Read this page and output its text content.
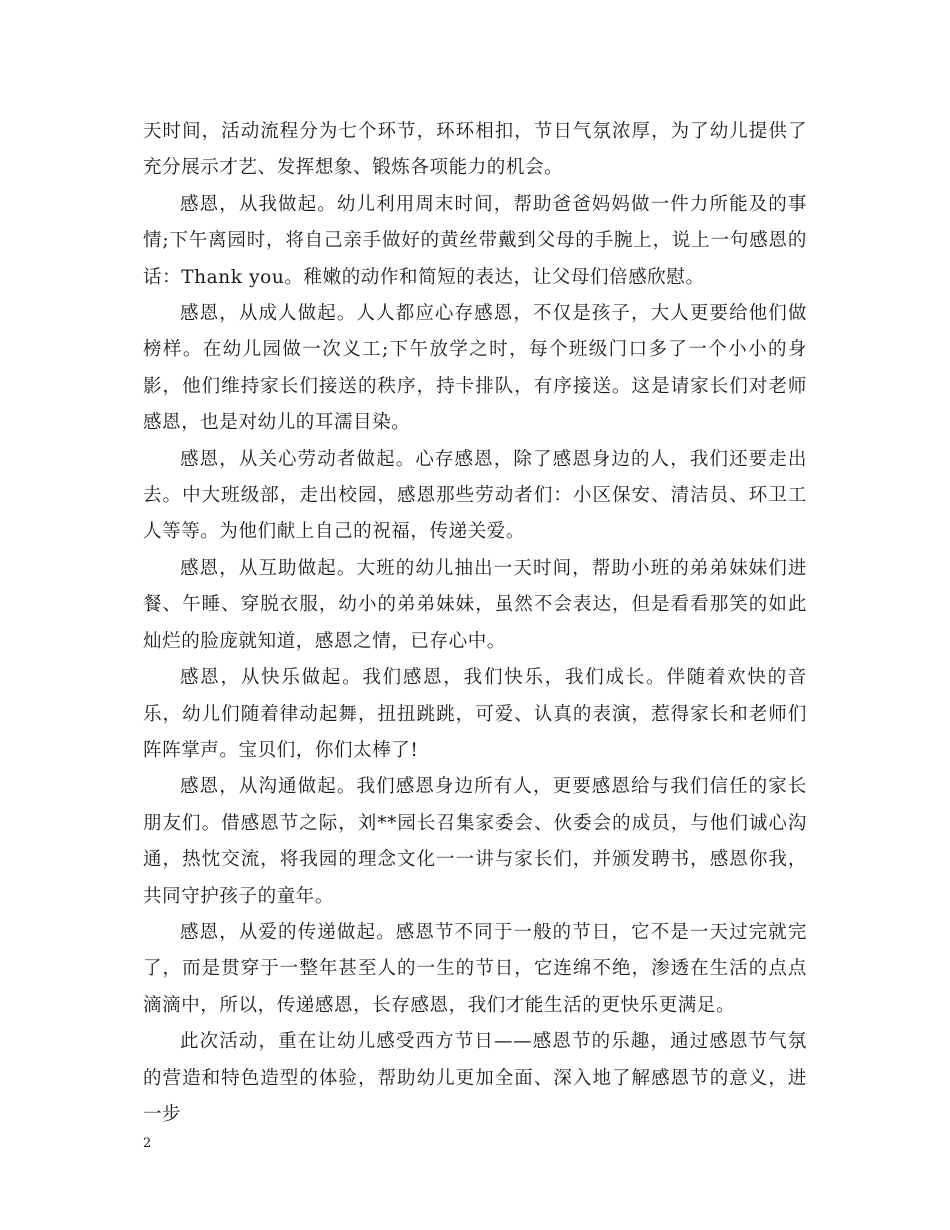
天时间，活动流程分为七个环节，环环相扣，节日气氛浓厚，为了幼儿提供了充分展示才艺、发挥想象、锻炼各项能力的机会。

感恩，从我做起。幼儿利用周末时间，帮助爸爸妈妈做一件力所能及的事情;下午离园时，将自己亲手做好的黄丝带戴到父母的手腕上，说上一句感恩的话：Thank you。稚嫩的动作和简短的表达，让父母们倍感欣慰。

感恩，从成人做起。人人都应心存感恩，不仅是孩子，大人更要给他们做榜样。在幼儿园做一次义工;下午放学之时，每个班级门口多了一个小小的身影，他们维持家长们接送的秩序，持卡排队，有序接送。这是请家长们对老师感恩，也是对幼儿的耳濡目染。

感恩，从关心劳动者做起。心存感恩，除了感恩身边的人，我们还要走出去。中大班级部，走出校园，感恩那些劳动者们：小区保安、清洁员、环卫工人等等。为他们献上自己的祝福，传递关爱。

感恩，从互助做起。大班的幼儿抽出一天时间，帮助小班的弟弟妹妹们进餐、午睡、穿脱衣服，幼小的弟弟妹妹，虽然不会表达，但是看看那笑的如此灿烂的脸庞就知道，感恩之情，已存心中。

感恩，从快乐做起。我们感恩，我们快乐，我们成长。伴随着欢快的音乐，幼儿们随着律动起舞，扭扭跳跳，可爱、认真的表演，惹得家长和老师们阵阵掌声。宝贝们，你们太棒了!

感恩，从沟通做起。我们感恩身边所有人，更要感恩给与我们信任的家长朋友们。借感恩节之际，刘**园长召集家委会、伙委会的成员，与他们诚心沟通，热忱交流，将我园的理念文化一一讲与家长们，并颁发聘书，感恩你我，共同守护孩子的童年。

感恩，从爱的传递做起。感恩节不同于一般的节日，它不是一天过完就完了，而是贯穿于一整年甚至人的一生的节日，它连绵不绝，渗透在生活的点点滴滴中，所以，传递感恩，长存感恩，我们才能生活的更快乐更满足。

此次活动，重在让幼儿感受西方节日——感恩节的乐趣，通过感恩节气氛的营造和特色造型的体验，帮助幼儿更加全面、深入地了解感恩节的意义，进一步

2
